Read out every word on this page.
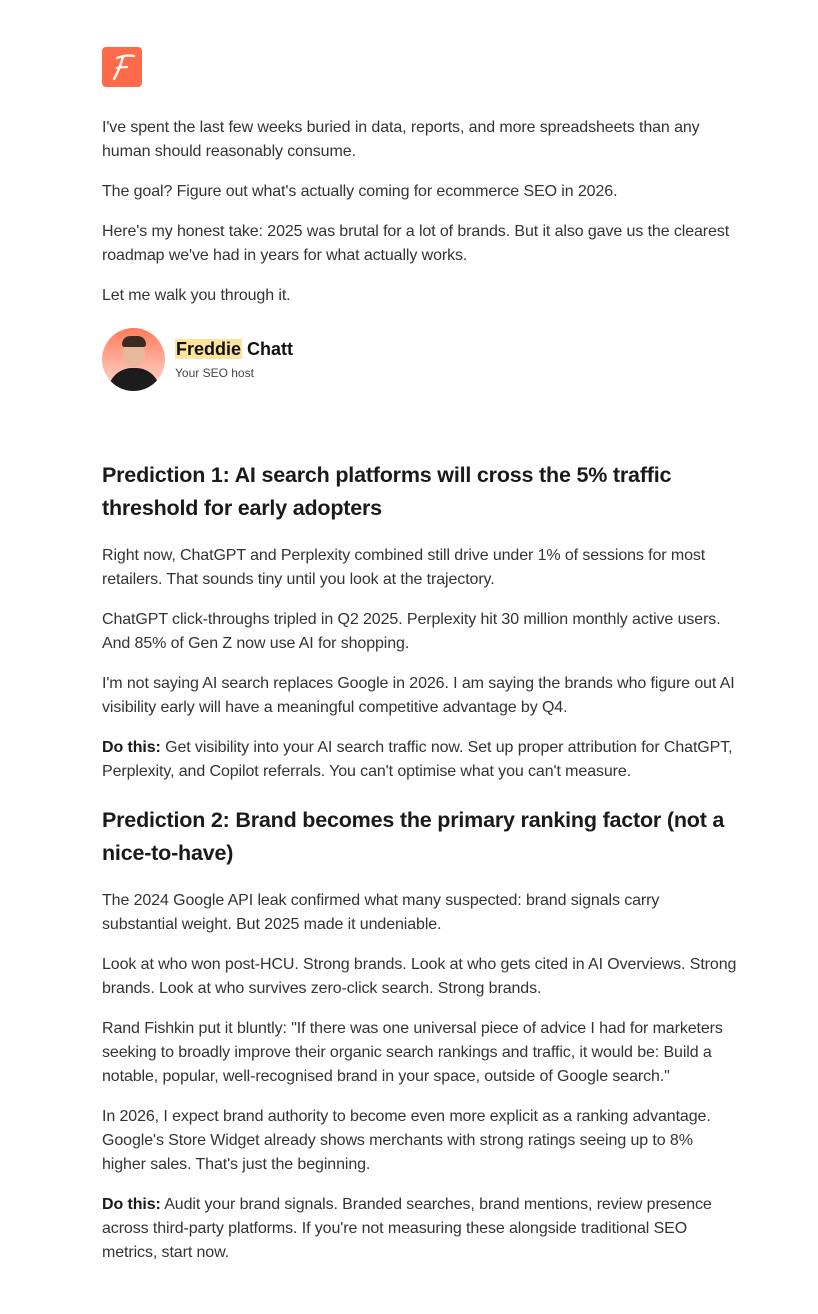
I've spent the last few weeks buried in data, reports, and more spreadsheets than any human should reasonably consume.

The goal? Figure out what's actually coming for ecommerce SEO in 2026.

Here's my honest take: 2025 was brutal for a lot of brands. But it also gave us the clearest roadmap we've had in years for what actually works.

Let me walk you through it.

Freddie Chatt
Your SEO host
Prediction 1: AI search platforms will cross the 5% traffic threshold for early adopters

Right now, ChatGPT and Perplexity combined still drive under 1% of sessions for most retailers. That sounds tiny until you look at the trajectory.

ChatGPT click-throughs tripled in Q2 2025. Perplexity hit 30 million monthly active users. And 85% of Gen Z now use AI for shopping.

I'm not saying AI search replaces Google in 2026. I am saying the brands who figure out AI visibility early will have a meaningful competitive advantage by Q4.

Do this: Get visibility into your AI search traffic now. Set up proper attribution for ChatGPT, Perplexity, and Copilot referrals. You can't optimise what you can't measure.

Prediction 2: Brand becomes the primary ranking factor (not a nice-to-have)

The 2024 Google API leak confirmed what many suspected: brand signals carry substantial weight. But 2025 made it undeniable.

Look at who won post-HCU. Strong brands. Look at who gets cited in AI Overviews. Strong brands. Look at who survives zero-click search. Strong brands.

Rand Fishkin put it bluntly: "If there was one universal piece of advice I had for marketers seeking to broadly improve their organic search rankings and traffic, it would be: Build a notable, popular, well-recognised brand in your space, outside of Google search."

In 2026, I expect brand authority to become even more explicit as a ranking advantage. Google's Store Widget already shows merchants with strong ratings seeing up to 8% higher sales. That's just the beginning.

Do this: Audit your brand signals. Branded searches, brand mentions, review presence across third-party platforms. If you're not measuring these alongside traditional SEO metrics, start now.
